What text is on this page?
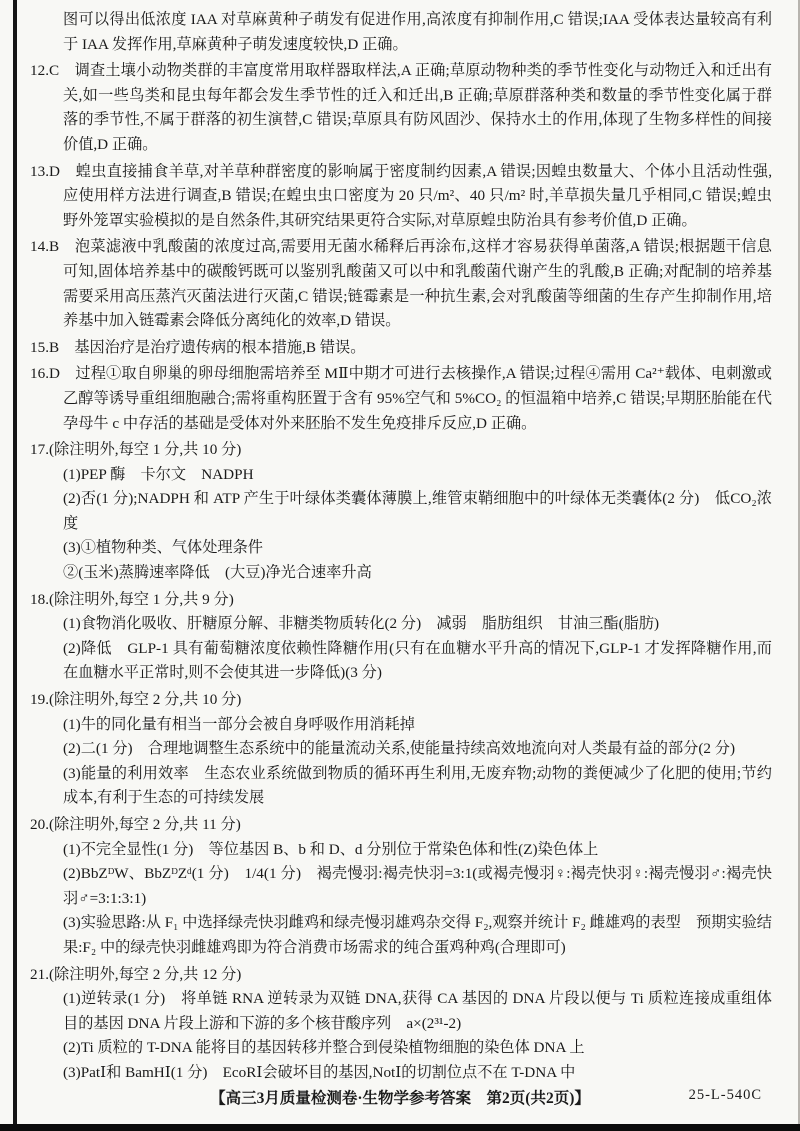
图可以得出低浓度 IAA 对草麻黄种子萌发有促进作用,高浓度有抑制作用,C 错误;IAA 受体表达量较高有利于 IAA 发挥作用,草麻黄种子萌发速度较快,D 正确。

12.C　调查土壤小动物类群的丰富度常用取样器取样法,A 正确;草原动物种类的季节性变化与动物迁入和迁出有关,如一些鸟类和昆虫每年都会发生季节性的迁入和迁出,B 正确;草原群落种类和数量的季节性变化属于群落的季节性,不属于群落的初生演替,C 错误;草原具有防风固沙、保持水土的作用,体现了生物多样性的间接价值,D 正确。

13.D　蝗虫直接捕食羊草,对羊草种群密度的影响属于密度制约因素,A 错误;因蝗虫数量大、个体小且活动性强,应使用样方法进行调查,B 错误;在蝗虫虫口密度为 20 只/m²、40 只/m² 时,羊草损失量几乎相同,C 错误;蝗虫野外笼罩实验模拟的是自然条件,其研究结果更符合实际,对草原蝗虫防治具有参考价值,D 正确。

14.B　泡菜滤液中乳酸菌的浓度过高,需要用无菌水稀释后再涂布,这样才容易获得单菌落,A 错误;根据题干信息可知,固体培养基中的碳酸钙既可以鉴别乳酸菌又可以中和乳酸菌代谢产生的乳酸,B 正确;对配制的培养基需要采用高压蒸汽灭菌法进行灭菌,C 错误;链霉素是一种抗生素,会对乳酸菌等细菌的生存产生抑制作用,培养基中加入链霉素会降低分离纯化的效率,D 错误。

15.B　基因治疗是治疗遗传病的根本措施,B 错误。

16.D　过程①取自卵巢的卵母细胞需培养至 MⅡ中期才可进行去核操作,A 错误;过程④需用 Ca²⁺载体、电刺激或乙醇等诱导重组细胞融合;需将重构胚置于含有 95%空气和 5%CO₂ 的恒温箱中培养,C 错误;早期胚胎能在代孕母牛 c 中存活的基础是受体对外来胚胎不发生免疫排斥反应,D 正确。

17.(除注明外,每空 1 分,共 10 分)

(1)PEP 酶　卡尔文　NADPH

(2)否(1 分);NADPH 和 ATP 产生于叶绿体类囊体薄膜上,维管束鞘细胞中的叶绿体无类囊体(2 分)　低CO₂浓度

(3)①植物种类、气体处理条件

②(玉米)蒸腾速率降低　(大豆)净光合速率升高

18.(除注明外,每空 1 分,共 9 分)

(1)食物消化吸收、肝糖原分解、非糖类物质转化(2 分)　减弱　脂肪组织　甘油三酯(脂肪)

(2)降低　GLP-1 具有葡萄糖浓度依赖性降糖作用(只有在血糖水平升高的情况下,GLP-1 才发挥降糖作用,而在血糖水平正常时,则不会使其进一步降低)(3 分)

19.(除注明外,每空 2 分,共 10 分)

(1)牛的同化量有相当一部分会被自身呼吸作用消耗掉

(2)二(1 分)　合理地调整生态系统中的能量流动关系,使能量持续高效地流向对人类最有益的部分(2 分)

(3)能量的利用效率　生态农业系统做到物质的循环再生利用,无废弃物;动物的粪便减少了化肥的使用;节约成本,有利于生态的可持续发展

20.(除注明外,每空 2 分,共 11 分)

(1)不完全显性(1 分)　等位基因 B、b 和 D、d 分别位于常染色体和性(Z)染色体上

(2)BbZᴰW、BbZᴰZᵈ(1 分)　1/4(1 分)　褐壳慢羽:褐壳快羽=3:1(或褐壳慢羽♀:褐壳快羽♀:褐壳慢羽♂:褐壳快羽♂=3:1:3:1)

(3)实验思路:从 F₁ 中选择绿壳快羽雌鸡和绿壳慢羽雄鸡杂交得 F₂,观察并统计 F₂ 雌雄鸡的表型　预期实验结果:F₂ 中的绿壳快羽雌雄鸡即为符合消费市场需求的纯合蛋鸡种鸡(合理即可)

21.(除注明外,每空 2 分,共 12 分)

(1)逆转录(1 分)　将单链 RNA 逆转录为双链 DNA,获得 CA 基因的 DNA 片段以便与 Ti 质粒连接成重组体　目的基因 DNA 片段上游和下游的多个核苷酸序列　a×(2³¹-2)

(2)Ti 质粒的 T-DNA 能将目的基因转移并整合到侵染植物细胞的染色体 DNA 上

(3)PatⅠ和 BamHⅠ(1 分)　EcoRⅠ会破坏目的基因,NotⅠ的切割位点不在 T-DNA 中

【高三3月质量检测卷·生物学参考答案　第2页(共2页)】	25-L-540C
